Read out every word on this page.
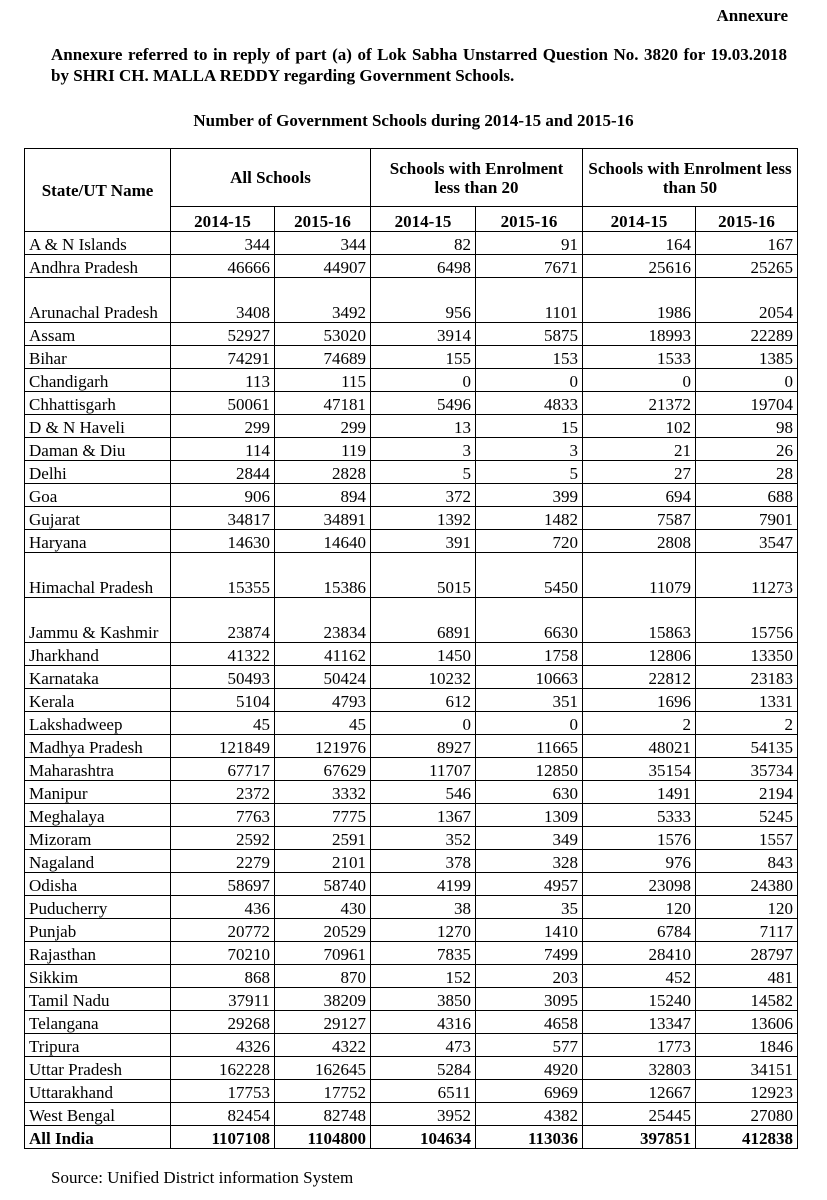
Annexure
Annexure referred to in reply of part (a) of Lok Sabha Unstarred Question No. 3820 for 19.03.2018 by SHRI CH. MALLA REDDY regarding Government Schools.
Number of Government Schools during 2014-15 and 2015-16
State/UT Name	All Schools		Schools with Enrolment less than 20		Schools with Enrolment less than 50	
	2014-15	2015-16	2014-15	2015-16	2014-15	2015-16
A & N Islands	344	344	82	91	164	167
Andhra Pradesh	46666	44907	6498	7671	25616	25265
Arunachal Pradesh	3408	3492	956	1101	1986	2054
Assam	52927	53020	3914	5875	18993	22289
Bihar	74291	74689	155	153	1533	1385
Chandigarh	113	115	0	0	0	0
Chhattisgarh	50061	47181	5496	4833	21372	19704
D & N Haveli	299	299	13	15	102	98
Daman & Diu	114	119	3	3	21	26
Delhi	2844	2828	5	5	27	28
Goa	906	894	372	399	694	688
Gujarat	34817	34891	1392	1482	7587	7901
Haryana	14630	14640	391	720	2808	3547
Himachal Pradesh	15355	15386	5015	5450	11079	11273
Jammu & Kashmir	23874	23834	6891	6630	15863	15756
Jharkhand	41322	41162	1450	1758	12806	13350
Karnataka	50493	50424	10232	10663	22812	23183
Kerala	5104	4793	612	351	1696	1331
Lakshadweep	45	45	0	0	2	2
Madhya Pradesh	121849	121976	8927	11665	48021	54135
Maharashtra	67717	67629	11707	12850	35154	35734
Manipur	2372	3332	546	630	1491	2194
Meghalaya	7763	7775	1367	1309	5333	5245
Mizoram	2592	2591	352	349	1576	1557
Nagaland	2279	2101	378	328	976	843
Odisha	58697	58740	4199	4957	23098	24380
Puducherry	436	430	38	35	120	120
Punjab	20772	20529	1270	1410	6784	7117
Rajasthan	70210	70961	7835	7499	28410	28797
Sikkim	868	870	152	203	452	481
Tamil Nadu	37911	38209	3850	3095	15240	14582
Telangana	29268	29127	4316	4658	13347	13606
Tripura	4326	4322	473	577	1773	1846
Uttar Pradesh	162228	162645	5284	4920	32803	34151
Uttarakhand	17753	17752	6511	6969	12667	12923
West Bengal	82454	82748	3952	4382	25445	27080
All India	1107108	1104800	104634	113036	397851	412838
Source: Unified District information System
